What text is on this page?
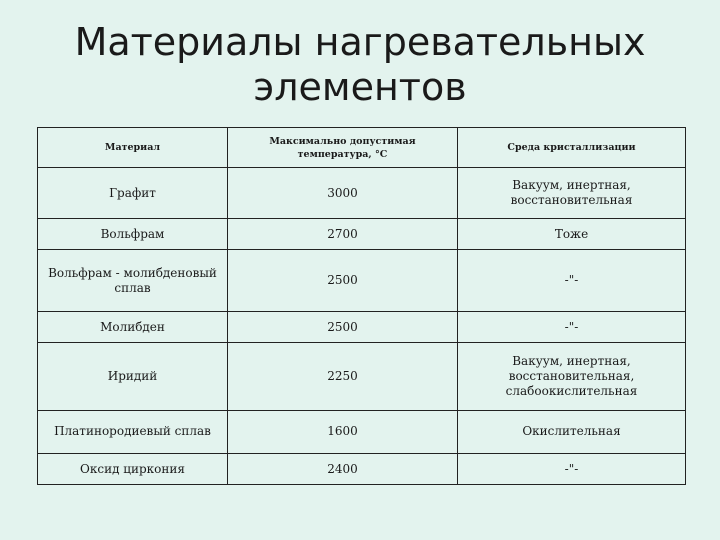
Материалы нагревательных
элементов
Материал	Максимально допустимая температура, °С	Среда кристаллизации
Графит	3000	Вакуум, инертная, восстановительная
Вольфрам	2700	Тоже
Вольфрам - молибденовый сплав	2500	-"-
Молибден	2500	-"-
Иридий	2250	Вакуум, инертная, восстановительная, слабоокислительная
Платинородиевый сплав	1600	Окислительная
Оксид циркония	2400	-"-
